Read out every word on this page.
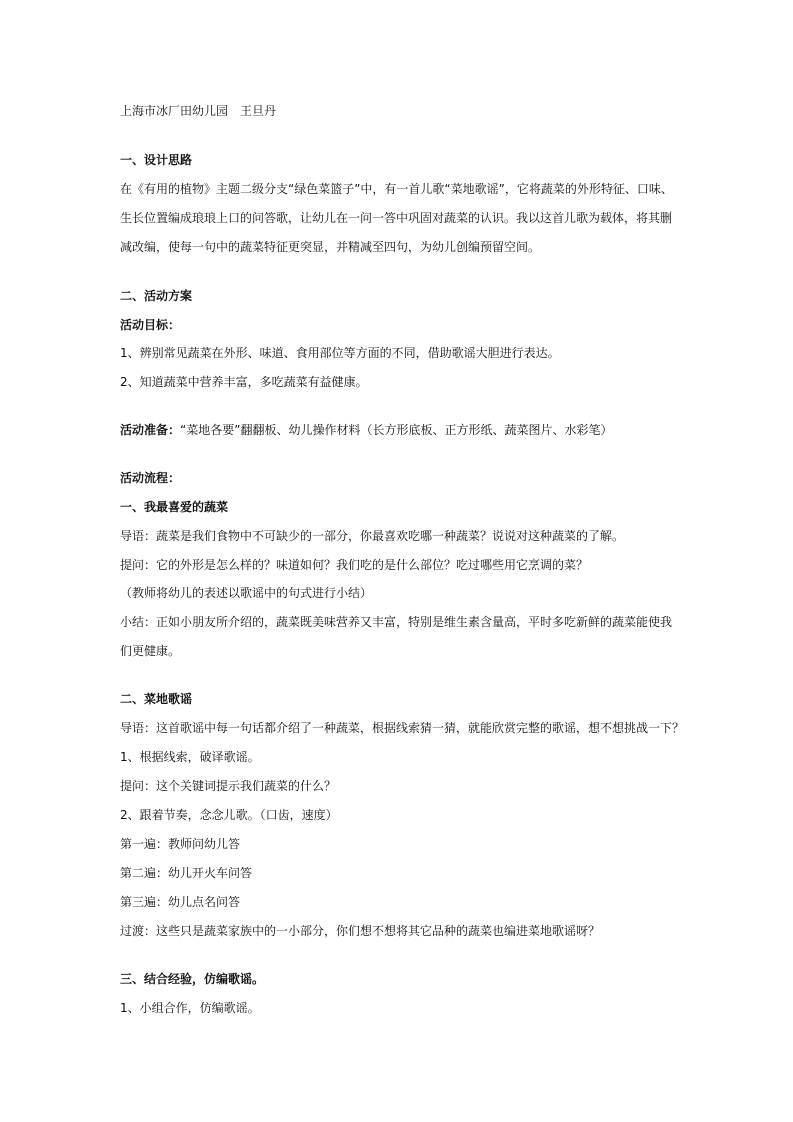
上海市冰厂田幼儿园　王旦丹
一、设计思路
在《有用的植物》主题二级分支“绿色菜篮子”中，有一首儿歌“菜地歌谣”，它将蔬菜的外形特征、口味、
生长位置编成琅琅上口的问答歌，让幼儿在一问一答中巩固对蔬菜的认识。我以这首儿歌为载体，将其删
减改编，使每一句中的蔬菜特征更突显，并精减至四句，为幼儿创编预留空间。
二、活动方案
活动目标：
1、辨别常见蔬菜在外形、味道、食用部位等方面的不同，借助歌谣大胆进行表达。
2、知道蔬菜中营养丰富，多吃蔬菜有益健康。
活动准备：“菜地各要”翻翻板、幼儿操作材料（长方形底板、正方形纸、蔬菜图片、水彩笔）
活动流程：
一、我最喜爱的蔬菜
导语：蔬菜是我们食物中不可缺少的一部分，你最喜欢吃哪一种蔬菜？说说对这种蔬菜的了解。
提问：它的外形是怎么样的？味道如何？我们吃的是什么部位？吃过哪些用它烹调的菜？
（教师将幼儿的表述以歌谣中的句式进行小结）
小结：正如小朋友所介绍的，蔬菜既美味营养又丰富，特别是维生素含量高，平时多吃新鲜的蔬菜能使我
们更健康。
二、菜地歌谣
导语：这首歌谣中每一句话都介绍了一种蔬菜，根据线索猜一猜，就能欣赏完整的歌谣，想不想挑战一下？
1、根据线索，破译歌谣。
提问：这个关键词提示我们蔬菜的什么？
2、跟着节奏，念念儿歌。（口齿，速度）
第一遍：教师问幼儿答
第二遍：幼儿开火车问答
第三遍：幼儿点名问答
过渡：这些只是蔬菜家族中的一小部分，你们想不想将其它品种的蔬菜也编进菜地歌谣呀？
三、结合经验，仿编歌谣。
1、小组合作，仿编歌谣。
